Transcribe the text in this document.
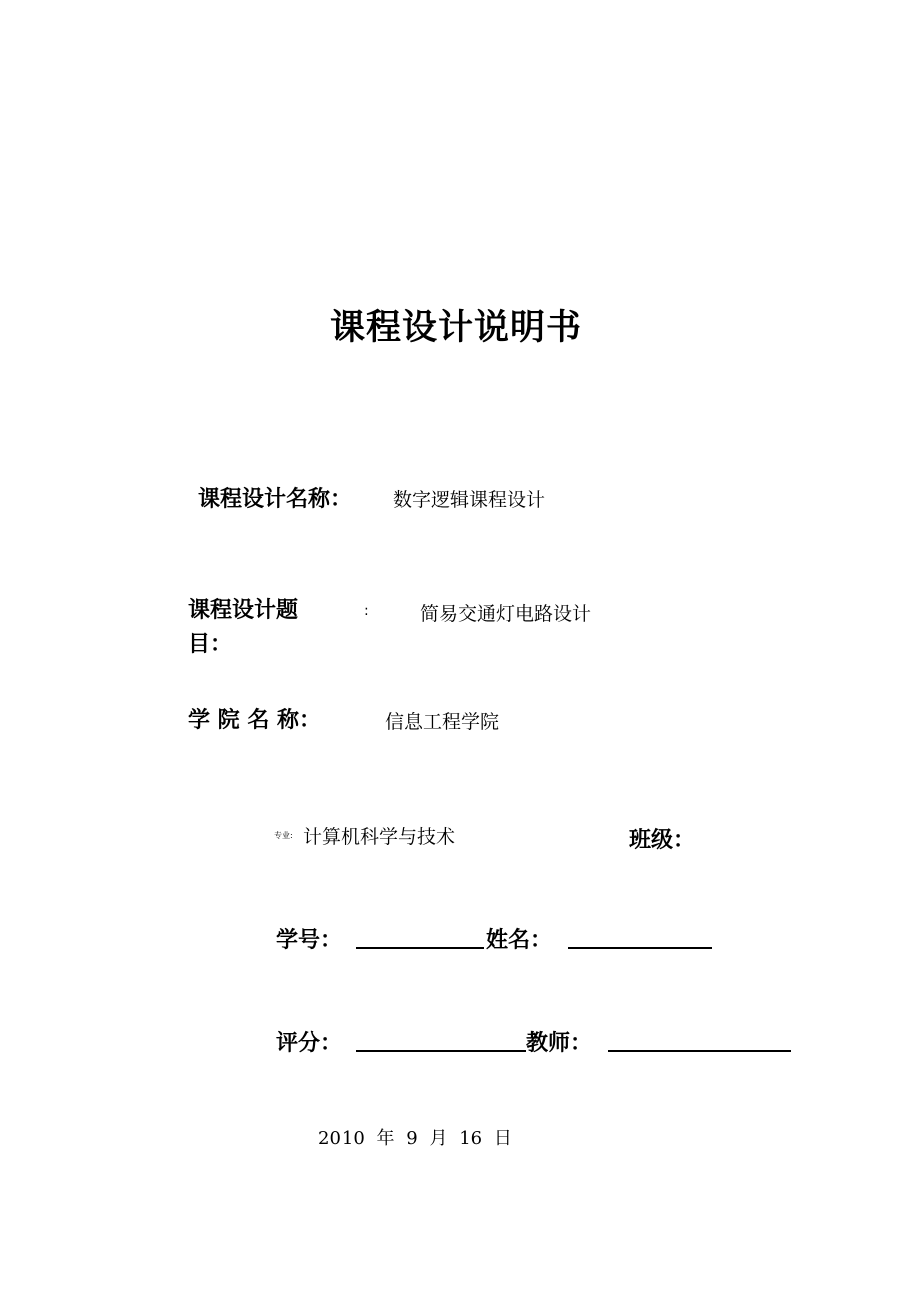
课程设计说明书
课程设计名称： 数字逻辑课程设计
课程设计题
目：
:	简易交通灯电路设计
学 院 名 称：	信息工程学院
专业: 计算机科学与技术	班级：
学号：	姓名：
评分：	教师：
2010 年 9 月 16 日
